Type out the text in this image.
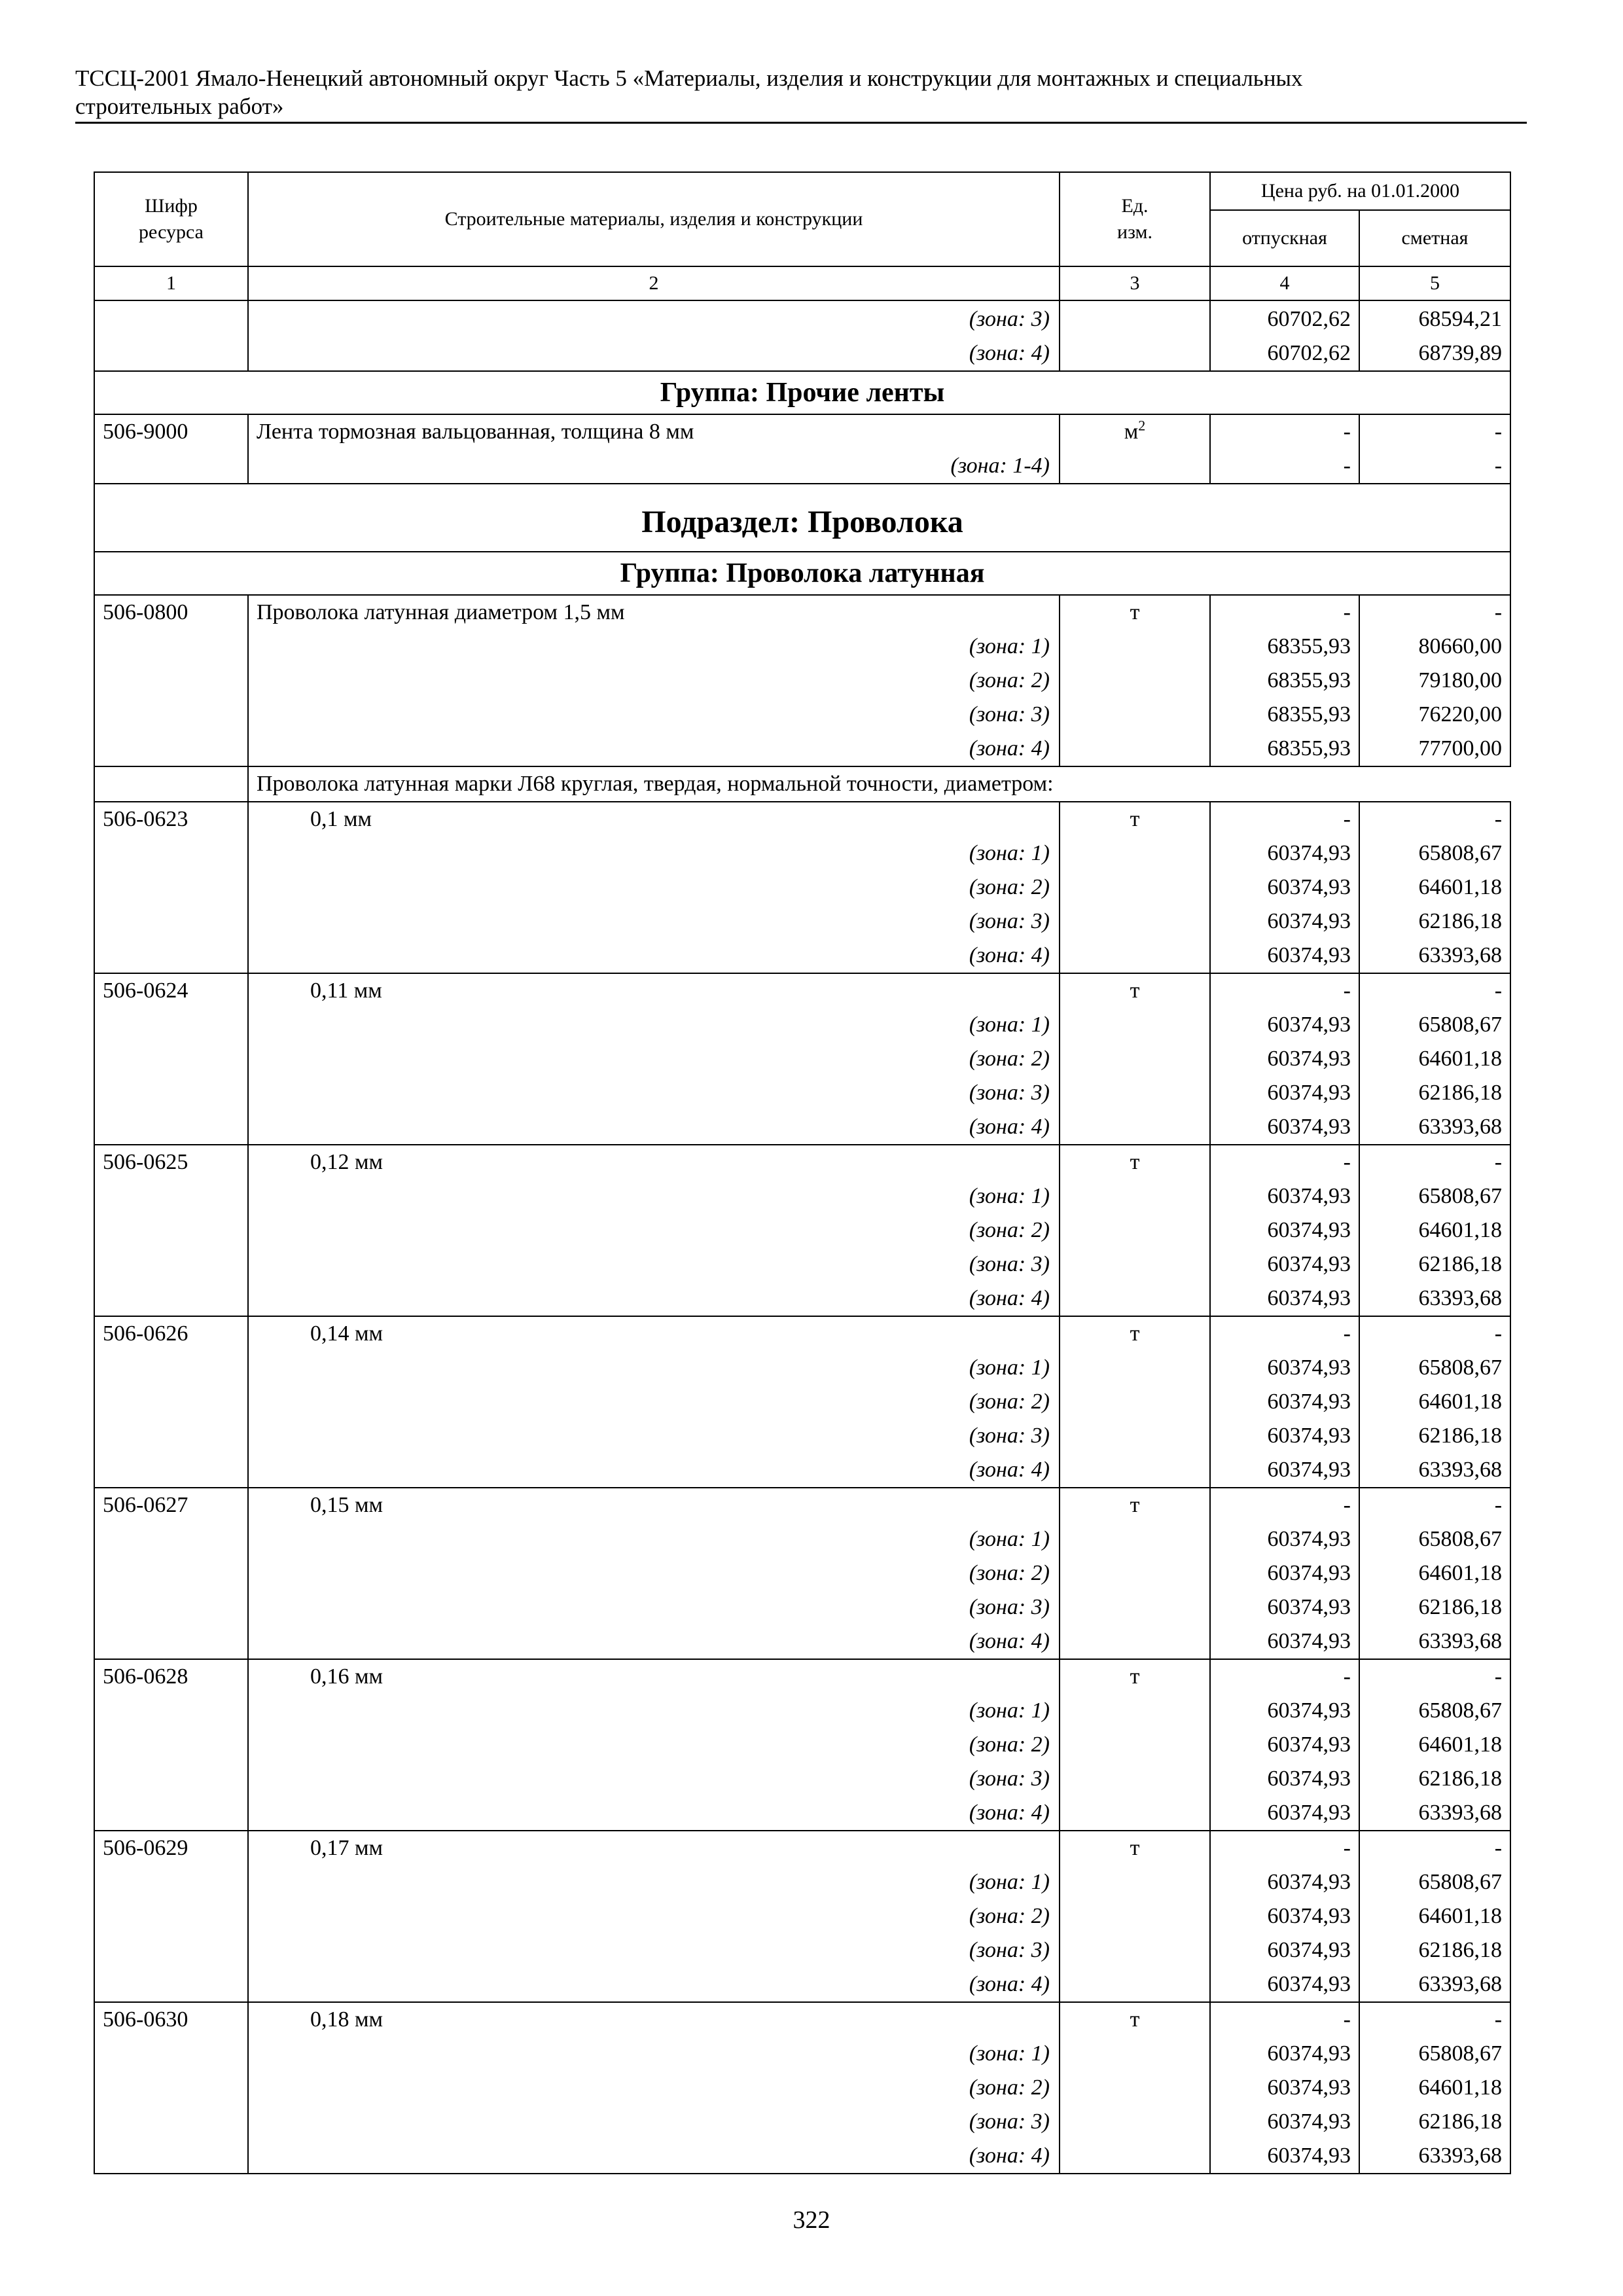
ТССЦ-2001 Ямало-Ненецкий автономный округ Часть 5 «Материалы, изделия и конструкции для монтажных и специальных
строительных работ»
Шифр ресурса	Строительные материалы, изделия и конструкции	Ед. изм.	Цена руб. на 01.01.2000	
			отпускная	сметная
1	2	3	4	5
	(зона: 3)		60702,62	68594,21
	(зона: 4)		60702,62	68739,89
Группа: Прочие ленты				
506-9000	Лента тормозная вальцованная, толщина 8 мм	$м^2$	-	-
	(зона: 1-4)		-	-
Подраздел: Проволока				
Группа: Проволока латунная				
506-0800	Проволока латунная диаметром 1,5 мм	т	-	-
	(зона: 1)		68355,93	80660,00
	(зона: 2)		68355,93	79180,00
	(зона: 3)		68355,93	76220,00
	(зона: 4)		68355,93	77700,00
	Проволока латунная марки Л68 круглая, твердая, нормальной точности, диаметром:			
506-0623	0,1 мм	т	-	-
	(зона: 1)		60374,93	65808,67
	(зона: 2)		60374,93	64601,18
	(зона: 3)		60374,93	62186,18
	(зона: 4)		60374,93	63393,68
506-0624	0,11 мм	т	-	-
	(зона: 1)		60374,93	65808,67
	(зона: 2)		60374,93	64601,18
	(зона: 3)		60374,93	62186,18
	(зона: 4)		60374,93	63393,68
506-0625	0,12 мм	т	-	-
	(зона: 1)		60374,93	65808,67
	(зона: 2)		60374,93	64601,18
	(зона: 3)		60374,93	62186,18
	(зона: 4)		60374,93	63393,68
506-0626	0,14 мм	т	-	-
	(зона: 1)		60374,93	65808,67
	(зона: 2)		60374,93	64601,18
	(зона: 3)		60374,93	62186,18
	(зона: 4)		60374,93	63393,68
506-0627	0,15 мм	т	-	-
	(зона: 1)		60374,93	65808,67
	(зона: 2)		60374,93	64601,18
	(зона: 3)		60374,93	62186,18
	(зона: 4)		60374,93	63393,68
506-0628	0,16 мм	т	-	-
	(зона: 1)		60374,93	65808,67
	(зона: 2)		60374,93	64601,18
	(зона: 3)		60374,93	62186,18
	(зона: 4)		60374,93	63393,68
506-0629	0,17 мм	т	-	-
	(зона: 1)		60374,93	65808,67
	(зона: 2)		60374,93	64601,18
	(зона: 3)		60374,93	62186,18
	(зона: 4)		60374,93	63393,68
506-0630	0,18 мм	т	-	-
	(зона: 1)		60374,93	65808,67
	(зона: 2)		60374,93	64601,18
	(зона: 3)		60374,93	62186,18
	(зона: 4)		60374,93	63393,68
322
